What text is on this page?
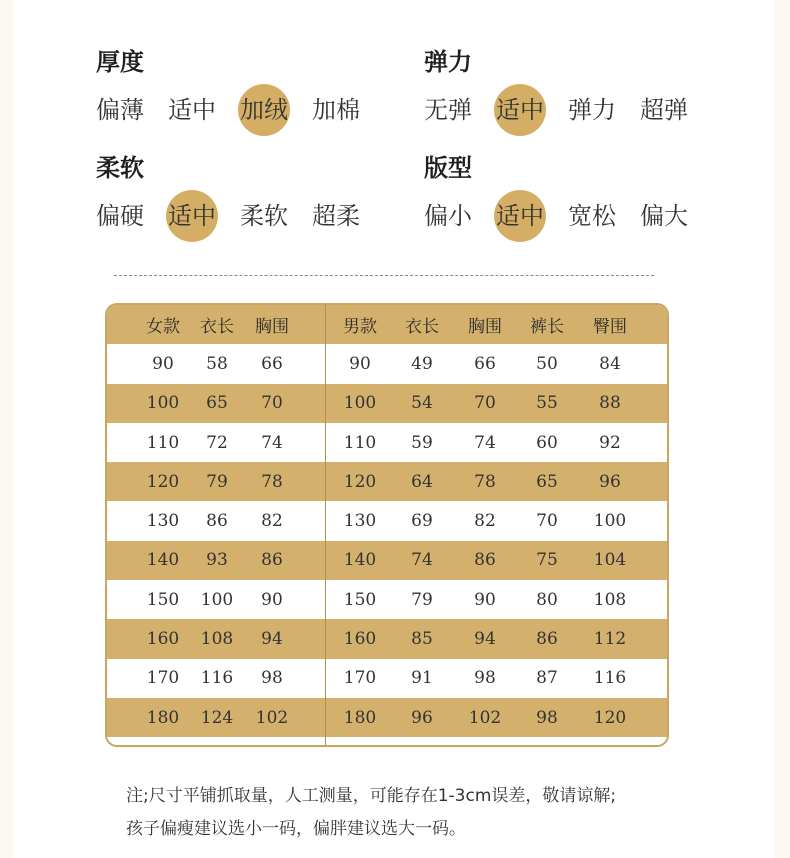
厚度
偏薄 适中 加绒 加棉
弹力
无弹 适中 弹力 超弹
柔软
偏硬 适中 柔软 超柔
版型
偏小 适中 宽松 偏大
180	124	102	180	96	102	98	120
170	116	98	170	91	98	87	116
160	108	94	160	85	94	86	112
150	100	90	150	79	90	80	108
140	93	86	140	74	86	75	104
130	86	82	130	69	82	70	100
120	79	78	120	64	78	65	96
110	72	74	110	59	74	60	92
100	65	70	100	54	70	55	88
90	58	66	90	49	66	50	84
女款	衣长	胸围	男款	衣长	胸围	裤长	臀围
注;尺寸平铺抓取量，人工测量，可能存在1-3cm误差，敬请谅解;
孩子偏瘦建议选小一码，偏胖建议选大一码。
